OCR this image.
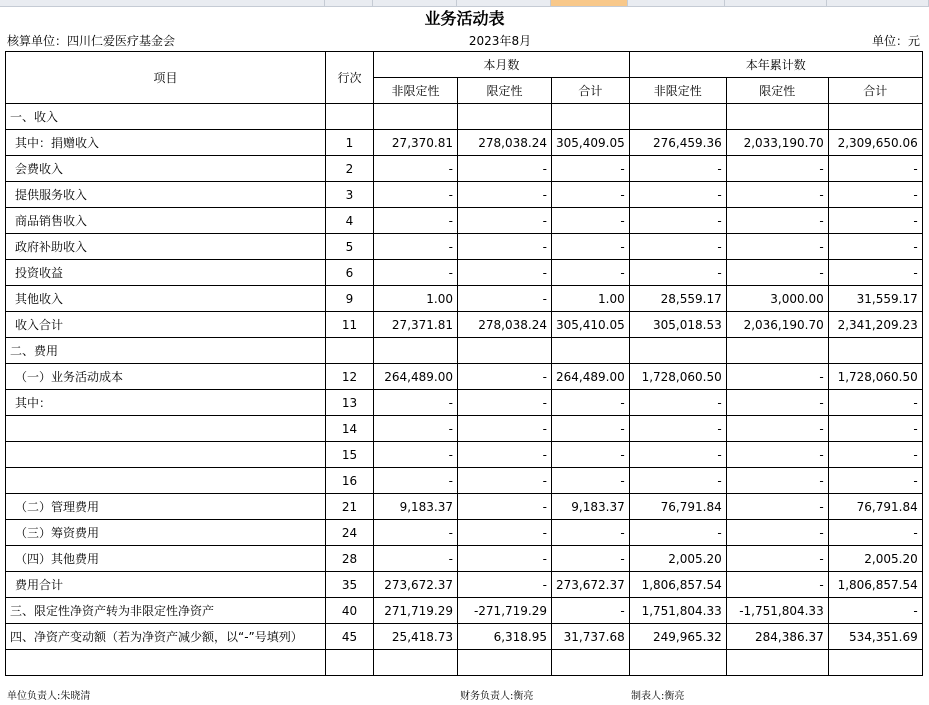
业务活动表
核算单位：四川仁爱医疗基金会	2023年8月	单位：元
项目	行次	本月数			本年累计数		
		非限定性	限定性	合计	非限定性	限定性	合计
一、收入							
其中：捐赠收入	1	27,370.81	278,038.24	305,409.05	276,459.36	2,033,190.70	2,309,650.06
会费收入	2	-	-	-	-	-	-
提供服务收入	3	-	-	-	-	-	-
商品销售收入	4	-	-	-	-	-	-
政府补助收入	5	-	-	-	-	-	-
投资收益	6	-	-	-	-	-	-
其他收入	9	1.00	-	1.00	28,559.17	3,000.00	31,559.17
收入合计	11	27,371.81	278,038.24	305,410.05	305,018.53	2,036,190.70	2,341,209.23
二、费用							
（一）业务活动成本	12	264,489.00	-	264,489.00	1,728,060.50	-	1,728,060.50
其中：	13	-	-	-	-	-	-
	14	-	-	-	-	-	-
	15	-	-	-	-	-	-
	16	-	-	-	-	-	-
（二）管理费用	21	9,183.37	-	9,183.37	76,791.84	-	76,791.84
（三）筹资费用	24	-	-	-	-	-	-
（四）其他费用	28	-	-	-	2,005.20	-	2,005.20
费用合计	35	273,672.37	-	273,672.37	1,806,857.54	-	1,806,857.54
三、限定性净资产转为非限定性净资产	40	271,719.29	-271,719.29	-	1,751,804.33	-1,751,804.33	-
四、净资产变动额（若为净资产减少额，以“-”号填列）	45	25,418.73	6,318.95	31,737.68	249,965.32	284,386.37	534,351.69

单位负责人:朱晓清	财务负责人:衡亮	制表人:衡亮
